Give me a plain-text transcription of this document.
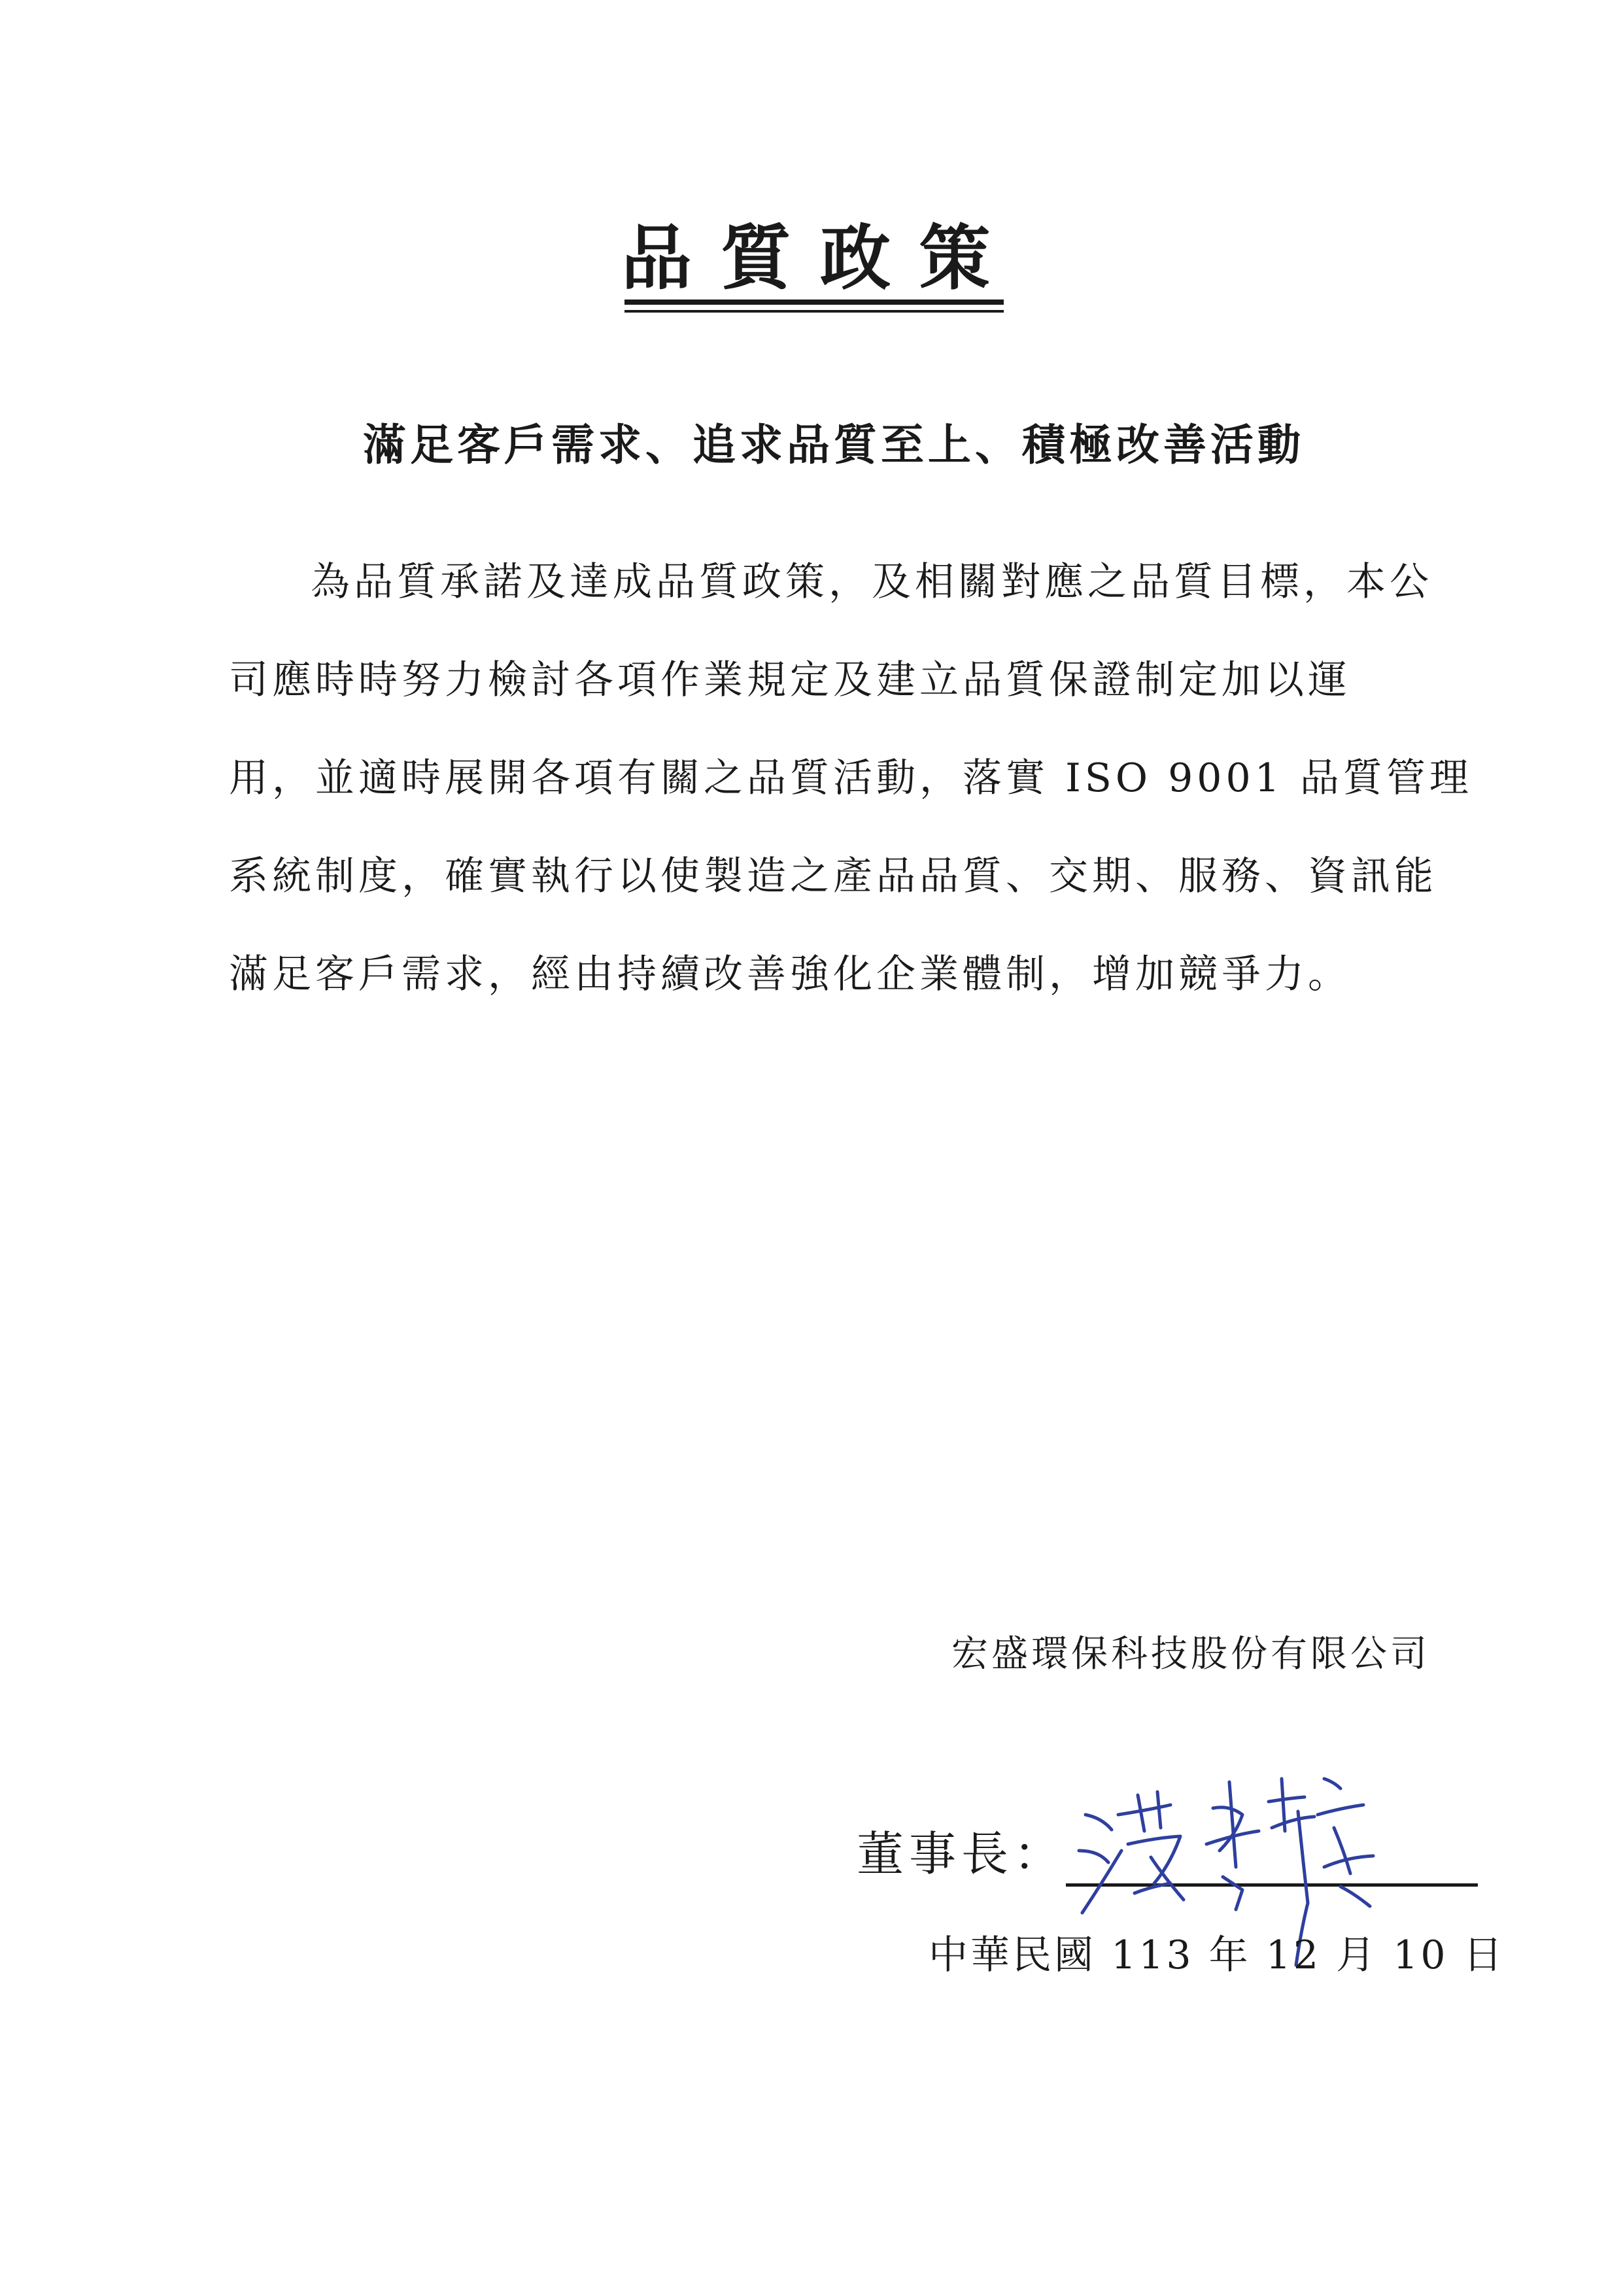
品質政策
滿足客戶需求、追求品質至上、積極改善活動
為品質承諾及達成品質政策，及相關對應之品質目標，本公
司應時時努力檢討各項作業規定及建立品質保證制定加以運
用，並適時展開各項有關之品質活動，落實 ISO 9001 品質管理
系統制度，確實執行以使製造之產品品質、交期、服務、資訊能
滿足客戶需求，經由持續改善強化企業體制，增加競爭力。
宏盛環保科技股份有限公司
董事長：
中華民國 113 年 12 月 10 日
